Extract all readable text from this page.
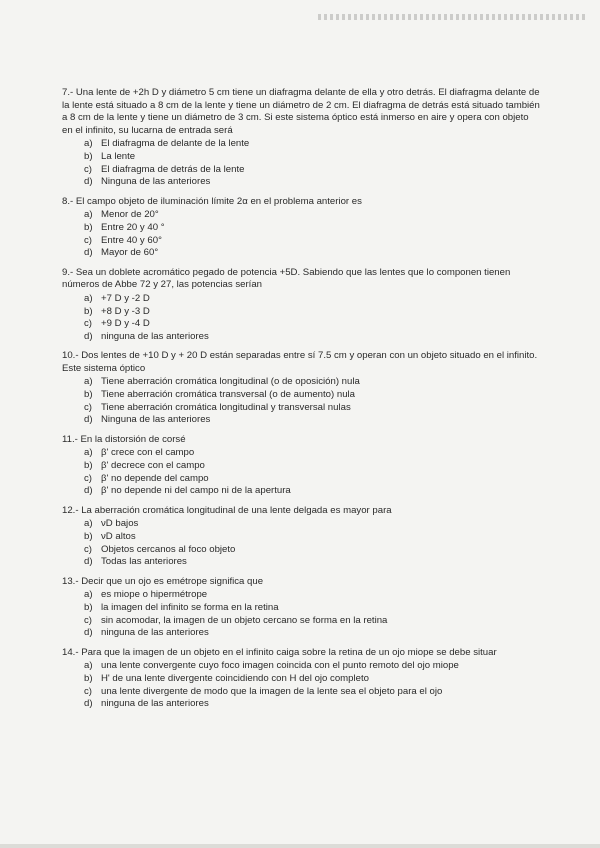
7.- Una lente de +2h D y diámetro 5 cm tiene un diafragma delante de ella y otro detrás. El diafragma delante de la lente está situado a 8 cm de la lente y tiene un diámetro de 2 cm. El diafragma de detrás está situado también a 8 cm de la lente y tiene un diámetro de 3 cm. Si este sistema óptico está inmerso en aire y opera con objeto en el infinito, su lucarna de entrada será

a) El diafragma de delante de la lente
b) La lente
c) El diafragma de detrás de la lente
d) Ninguna de las anteriores

8.- El campo objeto de iluminación límite 2α en el problema anterior es

a) Menor de 20°
b) Entre 20 y 40 °
c) Entre 40 y 60°
d) Mayor de 60°

9.- Sea un doblete acromático pegado de potencia +5D. Sabiendo que las lentes que lo componen tienen números de Abbe 72 y 27, las potencias serían

a) +7 D y -2 D
b) +8 D y -3 D
c) +9 D y -4 D
d) ninguna de las anteriores

10.- Dos lentes de +10 D y + 20 D están separadas entre sí 7.5 cm y operan con un objeto situado en el infinito. Este sistema óptico

a) Tiene aberración cromática longitudinal (o de oposición) nula
b) Tiene aberración cromática transversal (o de aumento) nula
c) Tiene aberración cromática longitudinal y transversal nulas
d) Ninguna de las anteriores

11.- En la distorsión de corsé

a) β' crece con el campo
b) β' decrece con el campo
c) β' no depende del campo
d) β' no depende ni del campo ni de la apertura

12.- La aberración cromática longitudinal de una lente delgada es mayor para

a) νD bajos
b) νD altos
c) Objetos cercanos al foco objeto
d) Todas las anteriores

13.- Decir que un ojo es emétrope significa que

a) es miope o hipermétrope
b) la imagen del infinito se forma en la retina
c) sin acomodar, la imagen de un objeto cercano se forma en la retina
d) ninguna de las anteriores

14.- Para que la imagen de un objeto en el infinito caiga sobre la retina de un ojo miope se debe situar

a) una lente convergente cuyo foco imagen coincida con el punto remoto del ojo miope
b) H' de una lente divergente coincidiendo con H del ojo completo
c) una lente divergente de modo que la imagen de la lente sea el objeto para el ojo
d) ninguna de las anteriores
